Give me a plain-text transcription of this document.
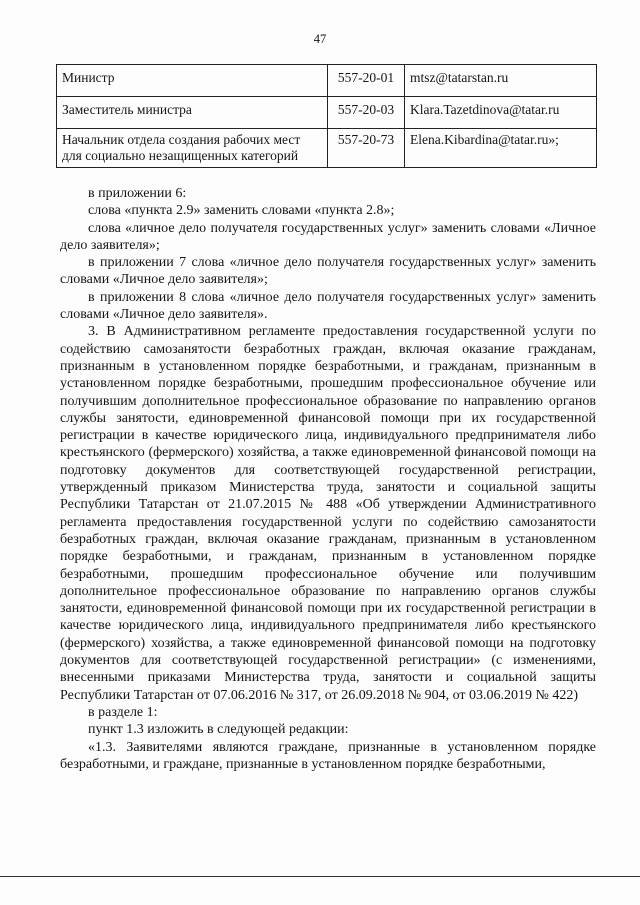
47
Министр	557-20-01	mtsz@tatarstan.ru
Заместитель министра	557-20-03	Klara.Tazetdinova@tatar.ru
Начальник отдела создания рабочих мест для социально незащищенных категорий	557-20-73	Elena.Kibardina@tatar.ru»;

в приложении 6:

слова «пункта 2.9» заменить словами «пункта 2.8»;

слова «личное дело получателя государственных услуг» заменить словами «Личное дело заявителя»;

в приложении 7 слова «личное дело получателя государственных услуг» заменить словами «Личное дело заявителя»;

в приложении 8 слова «личное дело получателя государственных услуг» заменить словами «Личное дело заявителя».

3. В Административном регламенте предоставления государственной услуги по содействию самозанятости безработных граждан, включая оказание гражданам, признанным в установленном порядке безработными, и гражданам, признанным в установленном порядке безработными, прошедшим профессиональное обучение или получившим дополнительное профессиональное образование по направлению органов службы занятости, единовременной финансовой помощи при их государственной регистрации в качестве юридического лица, индивидуального предпринимателя либо крестьянского (фермерского) хозяйства, а также единовременной финансовой помощи на подготовку документов для соответствующей государственной регистрации, утвержденный приказом Министерства труда, занятости и социальной защиты Республики Татарстан от 21.07.2015 № 488 «Об утверждении Административного регламента предоставления государственной услуги по содействию самозанятости безработных граждан, включая оказание гражданам, признанным в установленном порядке безработными, и гражданам, признанным в установленном порядке безработными, прошедшим профессиональное обучение или получившим дополнительное профессиональное образование по направлению органов службы занятости, единовременной финансовой помощи при их государственной регистрации в качестве юридического лица, индивидуального предпринимателя либо крестьянского (фермерского) хозяйства, а также единовременной финансовой помощи на подготовку документов для соответствующей государственной регистрации» (с изменениями, внесенными приказами Министерства труда, занятости и социальной защиты Республики Татарстан от 07.06.2016 № 317, от 26.09.2018 № 904, от 03.06.2019 № 422)

в разделе 1:

пункт 1.3 изложить в следующей редакции:

«1.3. Заявителями являются граждане, признанные в установленном порядке безработными, и граждане, признанные в установленном порядке безработными,
